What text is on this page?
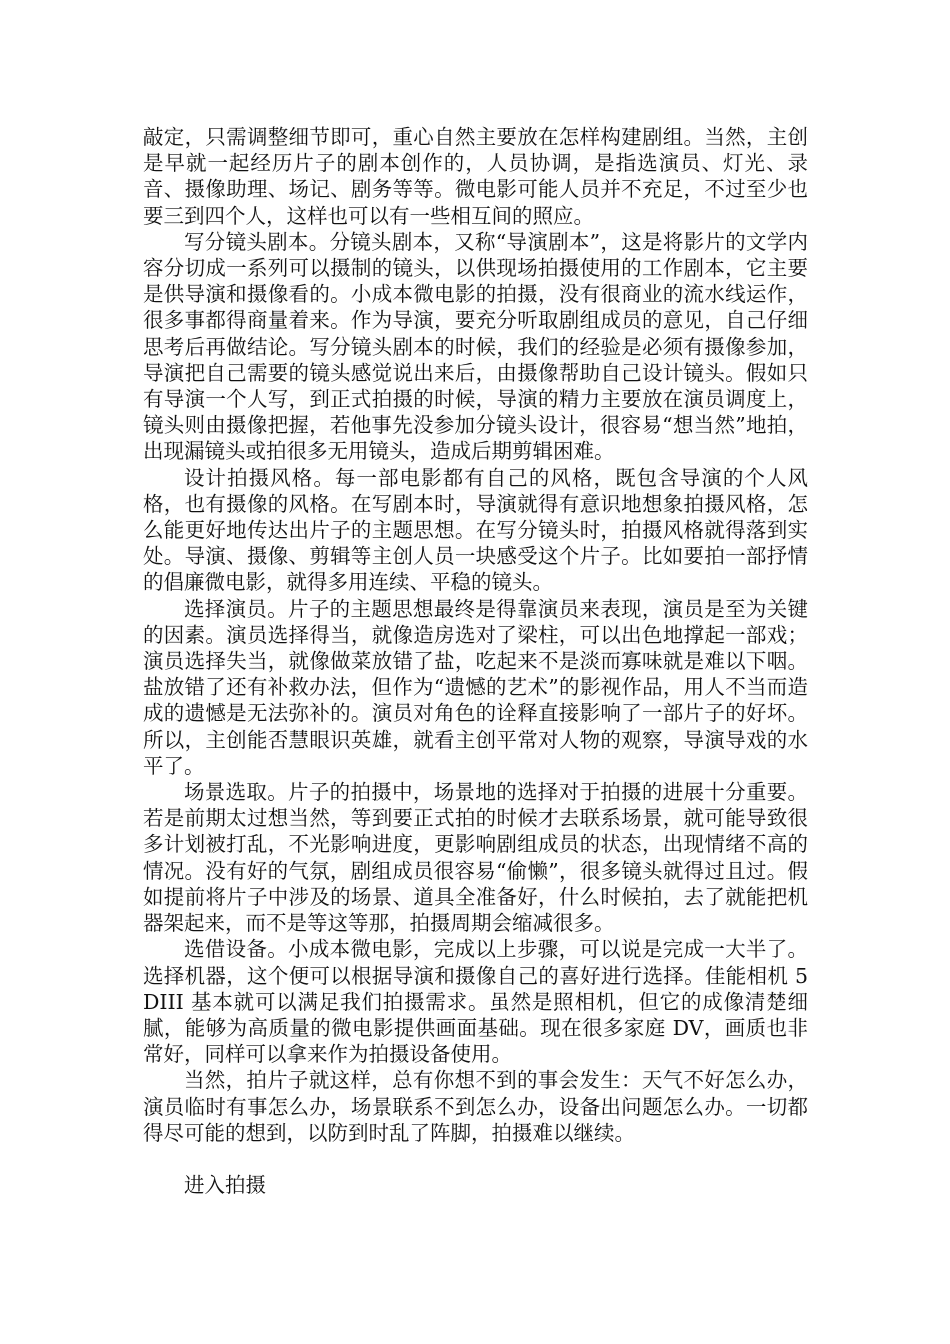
敲定，只需调整细节即可，重心自然主要放在怎样构建剧组。当然，主创是早就一起经历片子的剧本创作的，人员协调，是指选演员、灯光、录音、摄像助理、场记、剧务等等。微电影可能人员并不充足，不过至少也要三到四个人，这样也可以有一些相互间的照应。

写分镜头剧本。分镜头剧本，又称“导演剧本”，这是将影片的文学内容分切成一系列可以摄制的镜头，以供现场拍摄使用的工作剧本，它主要是供导演和摄像看的。小成本微电影的拍摄，没有很商业的流水线运作，很多事都得商量着来。作为导演，要充分听取剧组成员的意见，自己仔细思考后再做结论。写分镜头剧本的时候，我们的经验是必须有摄像参加，导演把自己需要的镜头感觉说出来后，由摄像帮助自己设计镜头。假如只有导演一个人写，到正式拍摄的时候，导演的精力主要放在演员调度上，镜头则由摄像把握，若他事先没参加分镜头设计，很容易“想当然”地拍，出现漏镜头或拍很多无用镜头，造成后期剪辑困难。

设计拍摄风格。每一部电影都有自己的风格，既包含导演的个人风格，也有摄像的风格。在写剧本时，导演就得有意识地想象拍摄风格，怎么能更好地传达出片子的主题思想。在写分镜头时，拍摄风格就得落到实处。导演、摄像、剪辑等主创人员一块感受这个片子。比如要拍一部抒情的倡廉微电影，就得多用连续、平稳的镜头。

选择演员。片子的主题思想最终是得靠演员来表现，演员是至为关键的因素。演员选择得当，就像造房选对了梁柱，可以出色地撑起一部戏；演员选择失当，就像做菜放错了盐，吃起来不是淡而寡味就是难以下咽。盐放错了还有补救办法，但作为“遗憾的艺术”的影视作品，用人不当而造成的遗憾是无法弥补的。演员对角色的诠释直接影响了一部片子的好坏。所以，主创能否慧眼识英雄，就看主创平常对人物的观察，导演导戏的水平了。

场景选取。片子的拍摄中，场景地的选择对于拍摄的进展十分重要。若是前期太过想当然，等到要正式拍的时候才去联系场景，就可能导致很多计划被打乱，不光影响进度，更影响剧组成员的状态，出现情绪不高的情况。没有好的气氛，剧组成员很容易“偷懒”，很多镜头就得过且过。假如提前将片子中涉及的场景、道具全准备好，什么时候拍，去了就能把机器架起来，而不是等这等那，拍摄周期会缩减很多。

选借设备。小成本微电影，完成以上步骤，可以说是完成一大半了。选择机器，这个便可以根据导演和摄像自己的喜好进行选择。佳能相机 5DIII 基本就可以满足我们拍摄需求。虽然是照相机，但它的成像清楚细腻，能够为高质量的微电影提供画面基础。现在很多家庭 DV，画质也非常好，同样可以拿来作为拍摄设备使用。

当然，拍片子就这样，总有你想不到的事会发生：天气不好怎么办，演员临时有事怎么办，场景联系不到怎么办，设备出问题怎么办。一切都得尽可能的想到，以防到时乱了阵脚，拍摄难以继续。

进入拍摄
